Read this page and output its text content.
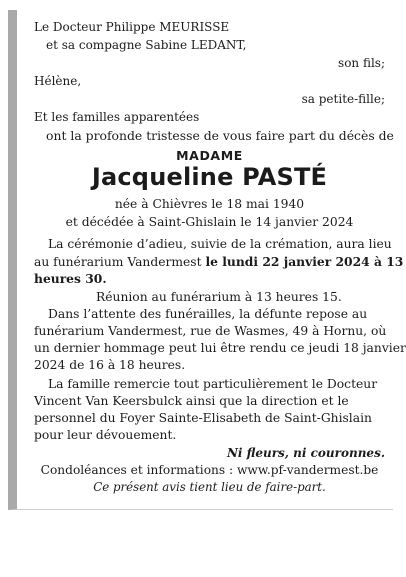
Le Docteur Philippe MEURISSE
et sa compagne Sabine LEDANT,
son fils;
Hélène,
sa petite-fille;
Et les familles apparentées
ont la profonde tristesse de vous faire part du décès de
MADAME
Jacqueline PASTÉ
née à Chièvres le 18 mai 1940
et décédée à Saint-Ghislain le 14 janvier 2024
La cérémonie d’adieu, suivie de la crémation, aura lieu
au funérarium Vandermest le lundi 22 janvier 2024 à 13
heures 30.
Réunion au funérarium à 13 heures 15.
Dans l’attente des funérailles, la défunte repose au
funérarium Vandermest, rue de Wasmes, 49 à Hornu, où
un dernier hommage peut lui être rendu ce jeudi 18 janvier
2024 de 16 à 18 heures.
La famille remercie tout particulièrement le Docteur
Vincent Van Keersbulck ainsi que la direction et le
personnel du Foyer Sainte-Elisabeth de Saint-Ghislain
pour leur dévouement.
Ni fleurs, ni couronnes.
Condoléances et informations : www.pf-vandermest.be
Ce présent avis tient lieu de faire-part.
